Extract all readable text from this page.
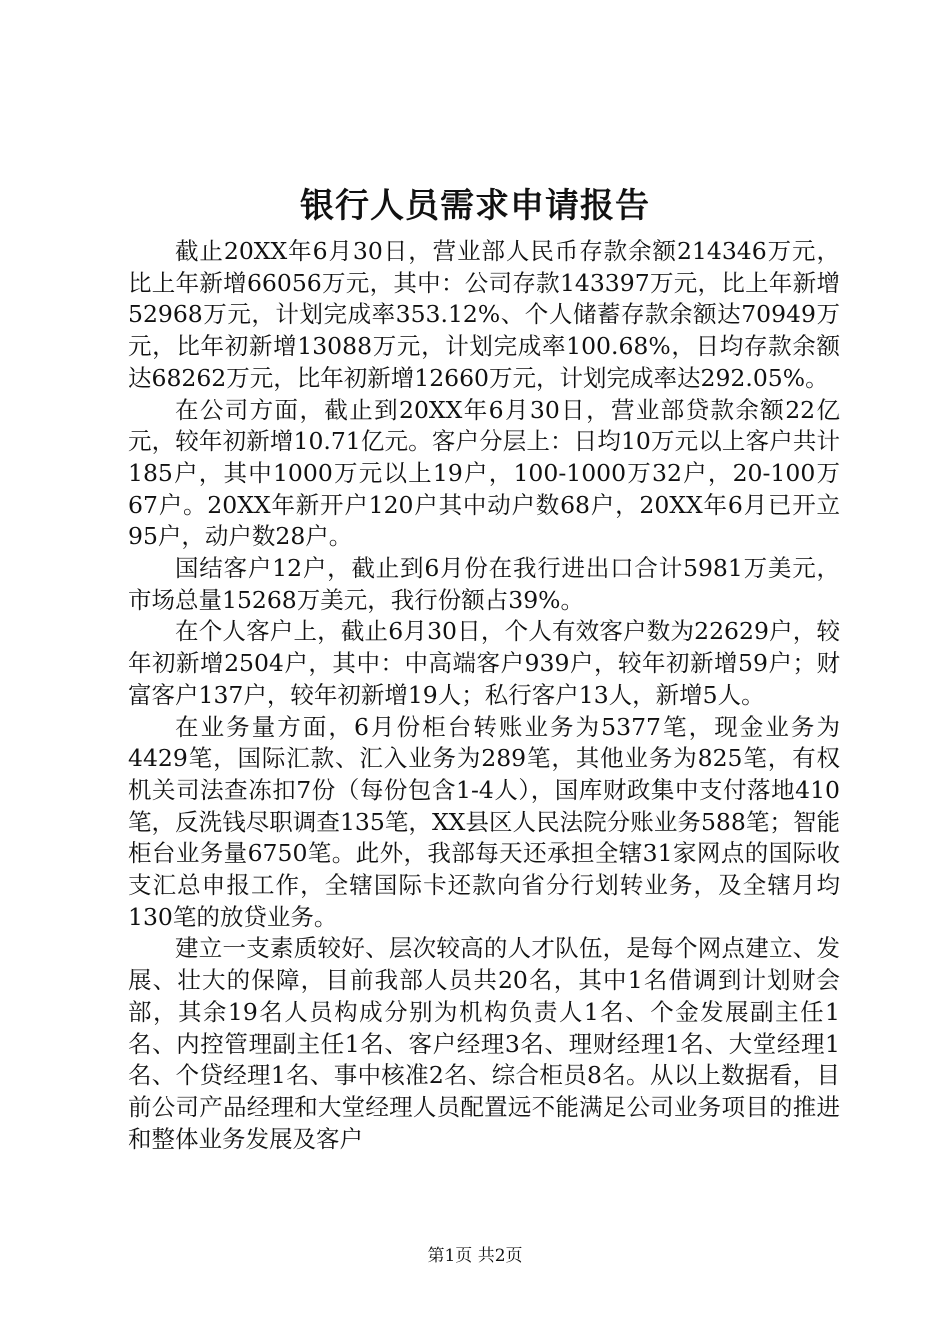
银行人员需求申请报告

截止20XX年6月30日，营业部人民币存款余额214346万元，比上年新增66056万元，其中：公司存款143397万元，比上年新增52968万元，计划完成率353.12%、个人储蓄存款余额达70949万元，比年初新增13088万元，计划完成率100.68%，日均存款余额达68262万元，比年初新增12660万元，计划完成率达292.05%。

在公司方面，截止到20XX年6月30日，营业部贷款余额22亿元，较年初新增10.71亿元。客户分层上：日均10万元以上客户共计185户，其中1000万元以上19户，100-1000万32户，20-100万67户。20XX年新开户120户其中动户数68户，20XX年6月已开立95户，动户数28户。

国结客户12户，截止到6月份在我行进出口合计5981万美元，市场总量15268万美元，我行份额占39%。

在个人客户上，截止6月30日，个人有效客户数为22629户，较年初新增2504户，其中：中高端客户939户，较年初新增59户；财富客户137户，较年初新增19人；私行客户13人，新增5人。

在业务量方面，6月份柜台转账业务为5377笔，现金业务为4429笔，国际汇款、汇入业务为289笔，其他业务为825笔，有权机关司法查冻扣7份（每份包含1-4人），国库财政集中支付落地410笔，反洗钱尽职调查135笔，XX县区人民法院分账业务588笔；智能柜台业务量6750笔。此外，我部每天还承担全辖31家网点的国际收支汇总申报工作，全辖国际卡还款向省分行划转业务，及全辖月均130笔的放贷业务。

建立一支素质较好、层次较高的人才队伍，是每个网点建立、发展、壮大的保障，目前我部人员共20名，其中1名借调到计划财会部，其余19名人员构成分别为机构负责人1名、个金发展副主任1名、内控管理副主任1名、客户经理3名、理财经理1名、大堂经理1名、个贷经理1名、事中核准2名、综合柜员8名。从以上数据看，目前公司产品经理和大堂经理人员配置远不能满足公司业务项目的推进和整体业务发展及客户

第1页 共2页
